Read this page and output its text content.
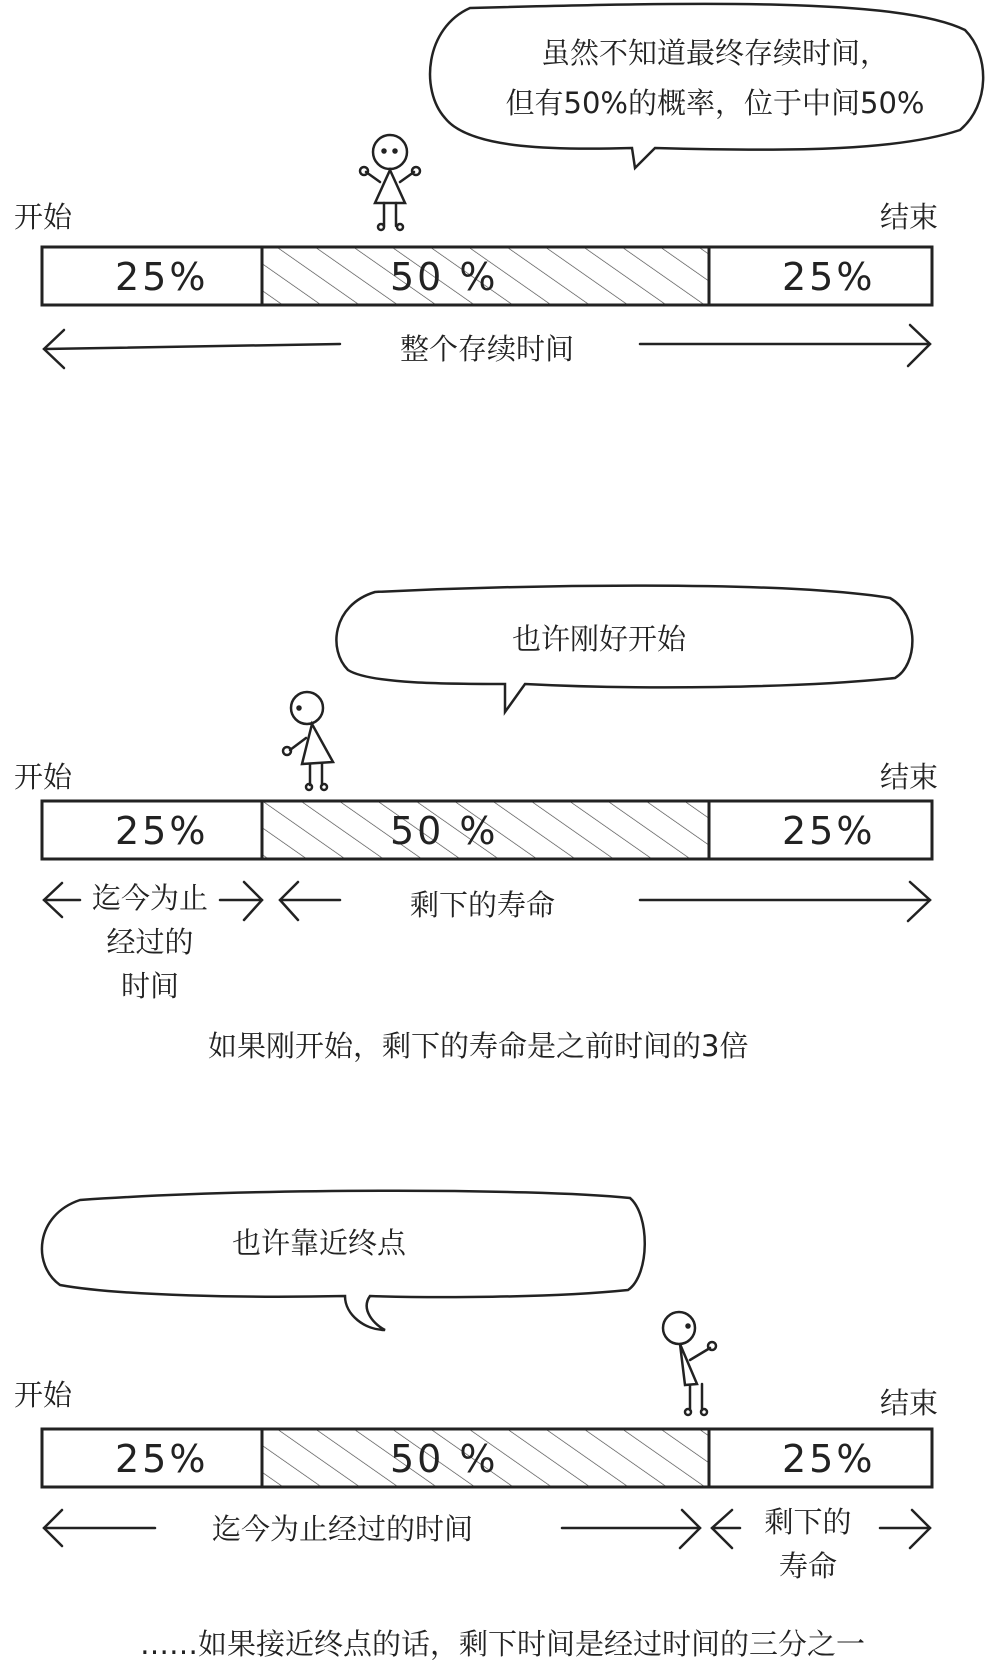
虽然不知道最终存续时间，
但有50%的概率，位于中间50%
开始	结束
25%	50 %	25%
整个存续时间
也许刚好开始
开始	结束
25%	50 %	25%
迄今为止
经过的
时间
剩下的寿命
如果刚开始，剩下的寿命是之前时间的3倍
也许靠近终点
开始	结束
25%	50 %	25%
迄今为止经过的时间	剩下的
寿命
……如果接近终点的话，剩下时间是经过时间的三分之一
